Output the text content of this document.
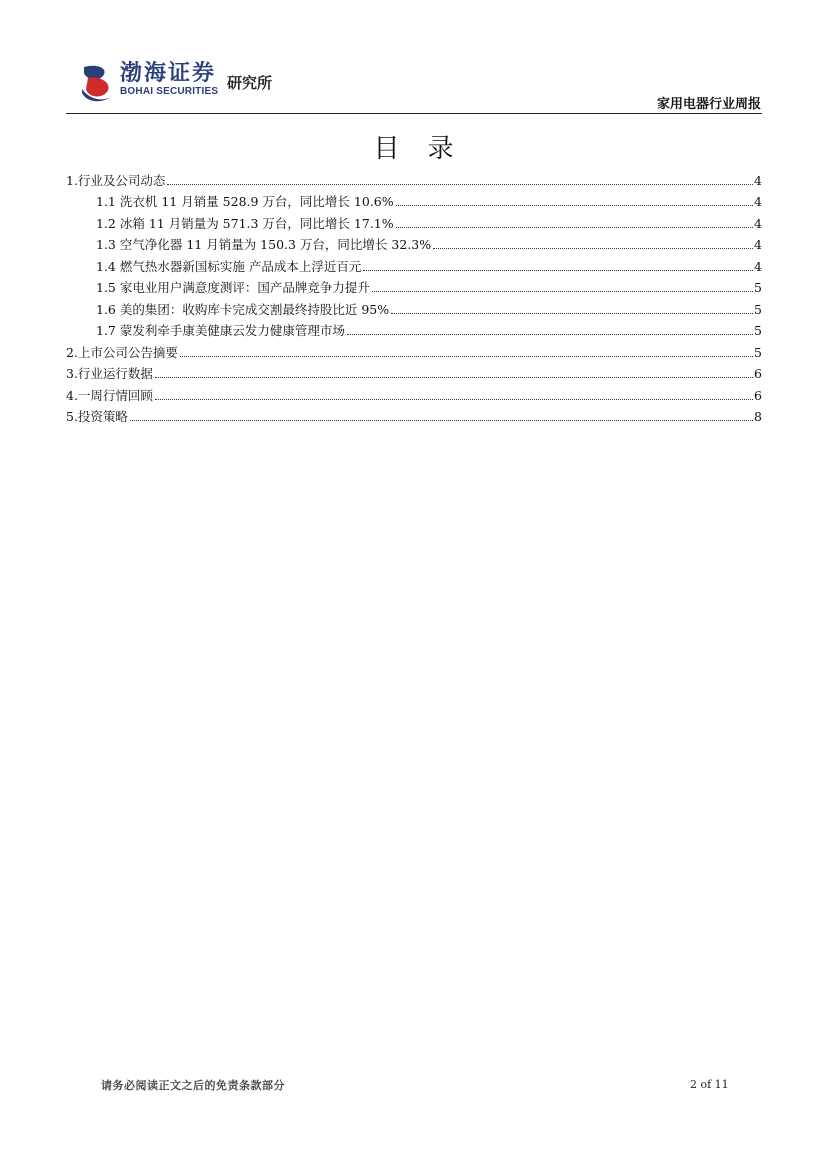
渤海证券
BOHAI SECURITIES 研究所
家用电器行业周报
目录
1.行业及公司动态	4
1.1 洗衣机 11 月销量 528.9 万台，同比增长 10.6%	4
1.2 冰箱 11 月销量为 571.3 万台，同比增长 17.1%	4
1.3 空气净化器 11 月销量为 150.3 万台，同比增长 32.3%	4
1.4 燃气热水器新国标实施 产品成本上浮近百元	4
1.5 家电业用户满意度测评：国产品牌竞争力提升	5
1.6 美的集团：收购库卡完成交割最终持股比近 95%	5
1.7 蒙发利牵手康美健康云发力健康管理市场	5
2.上市公司公告摘要	5
3.行业运行数据	6
4.一周行情回顾	6
5.投资策略	8
请务必阅读正文之后的免责条款部分	2 of 11
